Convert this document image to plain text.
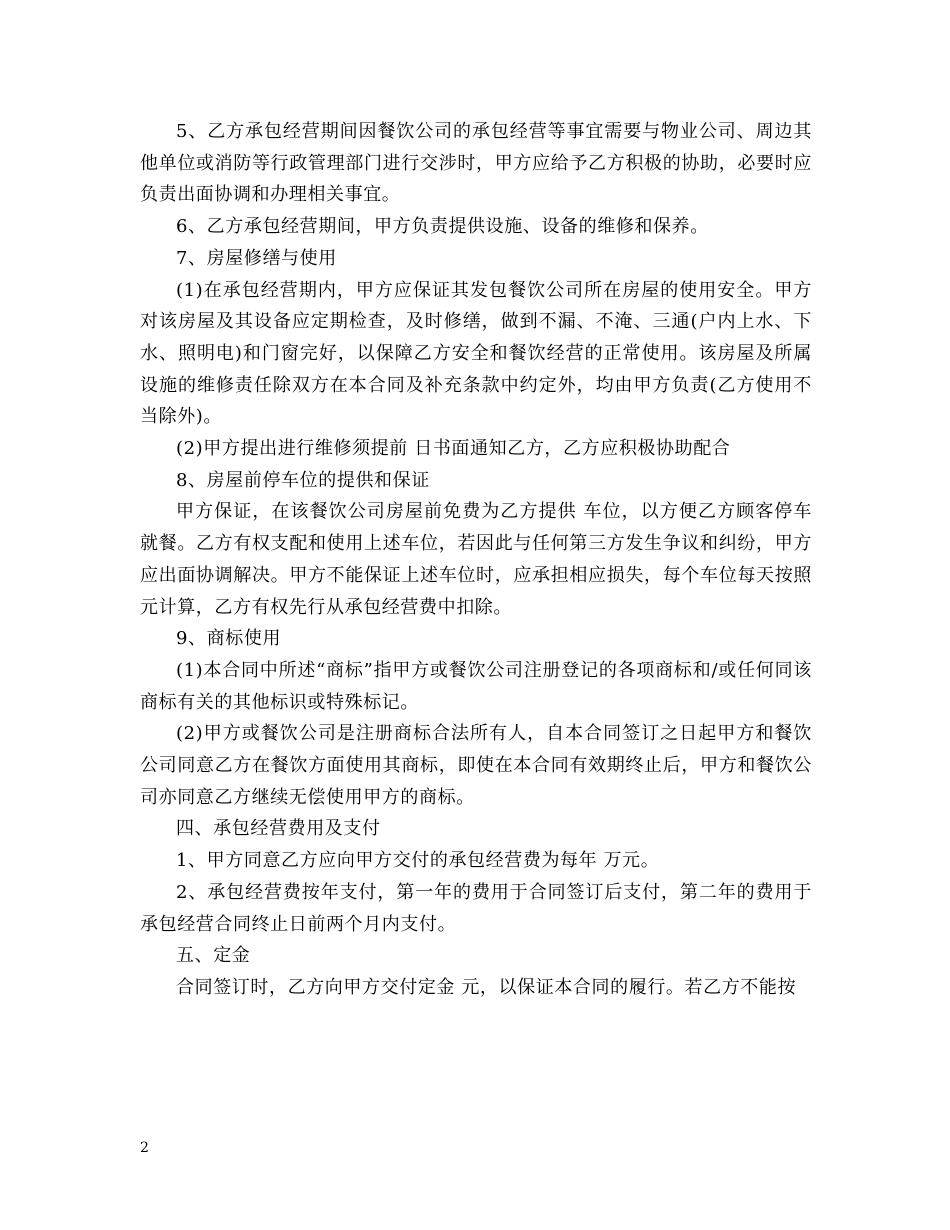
5、乙方承包经营期间因餐饮公司的承包经营等事宜需要与物业公司、周边其他单位或消防等行政管理部门进行交涉时，甲方应给予乙方积极的协助，必要时应负责出面协调和办理相关事宜。

6、乙方承包经营期间，甲方负责提供设施、设备的维修和保养。

7、房屋修缮与使用

(1)在承包经营期内，甲方应保证其发包餐饮公司所在房屋的使用安全。甲方对该房屋及其设备应定期检查，及时修缮，做到不漏、不淹、三通(户内上水、下水、照明电)和门窗完好，以保障乙方安全和餐饮经营的正常使用。该房屋及所属设施的维修责任除双方在本合同及补充条款中约定外，均由甲方负责(乙方使用不当除外)。

(2)甲方提出进行维修须提前 日书面通知乙方，乙方应积极协助配合

8、房屋前停车位的提供和保证

甲方保证，在该餐饮公司房屋前免费为乙方提供 车位，以方便乙方顾客停车就餐。乙方有权支配和使用上述车位，若因此与任何第三方发生争议和纠纷，甲方应出面协调解决。甲方不能保证上述车位时，应承担相应损失，每个车位每天按照元计算，乙方有权先行从承包经营费中扣除。

9、商标使用

(1)本合同中所述“商标”指甲方或餐饮公司注册登记的各项商标和/或任何同该商标有关的其他标识或特殊标记。

(2)甲方或餐饮公司是注册商标合法所有人，自本合同签订之日起甲方和餐饮公司同意乙方在餐饮方面使用其商标，即使在本合同有效期终止后，甲方和餐饮公司亦同意乙方继续无偿使用甲方的商标。

四、承包经营费用及支付

1、甲方同意乙方应向甲方交付的承包经营费为每年 万元。

2、承包经营费按年支付，第一年的费用于合同签订后支付，第二年的费用于承包经营合同终止日前两个月内支付。

五、定金

合同签订时，乙方向甲方交付定金 元，以保证本合同的履行。若乙方不能按

2
